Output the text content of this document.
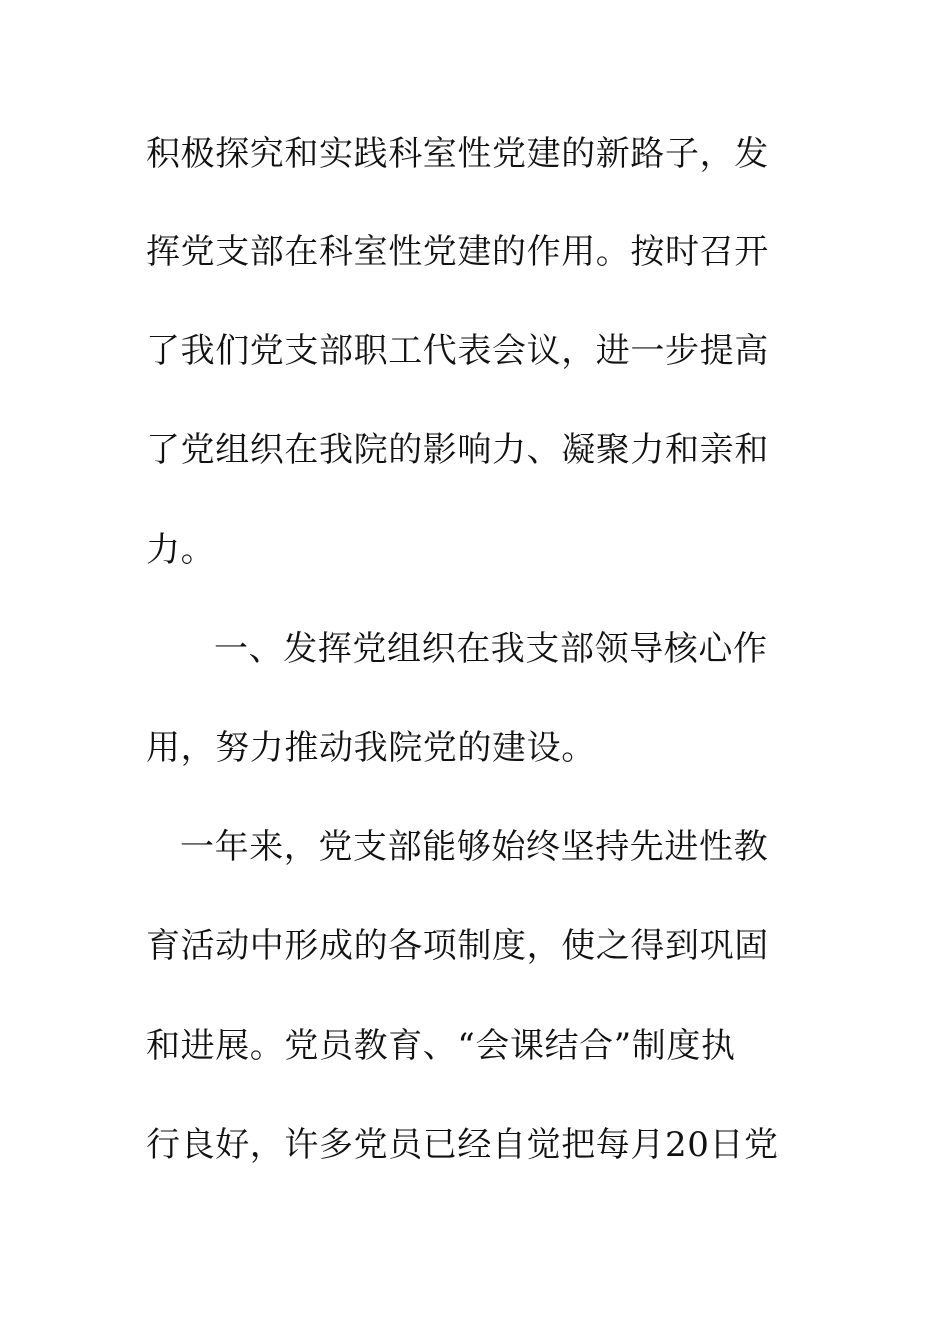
积极探究和实践科室性党建的新路子，发
挥党支部在科室性党建的作用。按时召开
了我们党支部职工代表会议，进一步提高
了党组织在我院的影响力、凝聚力和亲和
力。
一、发挥党组织在我支部领导核心作
用，努力推动我院党的建设。
一年来，党支部能够始终坚持先进性教
育活动中形成的各项制度，使之得到巩固
和进展。党员教育、“会课结合”制度执
行良好，许多党员已经自觉把每月20日党
